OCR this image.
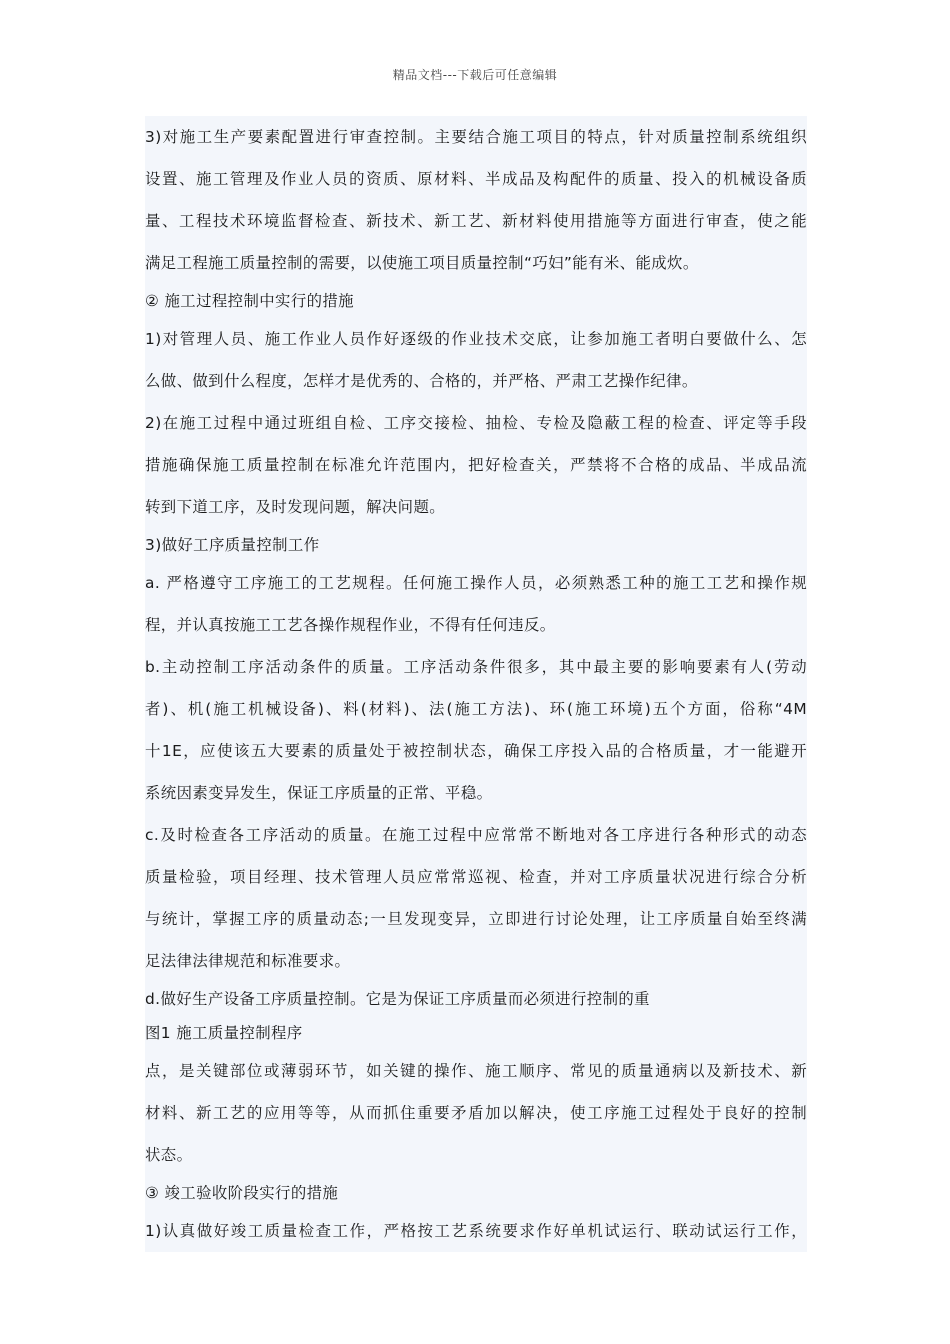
精品文档---下载后可任意编辑
3)对施工生产要素配置进行审查控制。主要结合施工项目的特点，针对质量控制系统组织
设置、施工管理及作业人员的资质、原材料、半成品及构配件的质量、投入的机械设备质
量、工程技术环境监督检查、新技术、新工艺、新材料使用措施等方面进行审查，使之能
满足工程施工质量控制的需要，以使施工项目质量控制“巧妇”能有米、能成炊。
② 施工过程控制中实行的措施
1)对管理人员、施工作业人员作好逐级的作业技术交底，让参加施工者明白要做什么、怎
么做、做到什么程度，怎样才是优秀的、合格的，并严格、严肃工艺操作纪律。
2)在施工过程中通过班组自检、工序交接检、抽检、专检及隐蔽工程的检查、评定等手段
措施确保施工质量控制在标准允许范围内，把好检查关，严禁将不合格的成品、半成品流
转到下道工序，及时发现问题，解决问题。
3)做好工序质量控制工作
a. 严格遵守工序施工的工艺规程。任何施工操作人员，必须熟悉工种的施工工艺和操作规
程，并认真按施工工艺各操作规程作业，不得有任何违反。
b.主动控制工序活动条件的质量。工序活动条件很多，其中最主要的影响要素有人(劳动
者)、机(施工机械设备)、料(材料)、法(施工方法)、环(施工环境)五个方面，俗称“4M
十1E，应使该五大要素的质量处于被控制状态，确保工序投入品的合格质量，才一能避开
系统因素变异发生，保证工序质量的正常、平稳。
c.及时检查各工序活动的质量。在施工过程中应常常不断地对各工序进行各种形式的动态
质量检验，项目经理、技术管理人员应常常巡视、检查，并对工序质量状况进行综合分析
与统计，掌握工序的质量动态;一旦发现变异，立即进行讨论处理，让工序质量自始至终满
足法律法律规范和标准要求。
d.做好生产设备工序质量控制。它是为保证工序质量而必须进行控制的重
图1 施工质量控制程序
点，是关键部位或薄弱环节，如关键的操作、施工顺序、常见的质量通病以及新技术、新
材料、新工艺的应用等等，从而抓住重要矛盾加以解决，使工序施工过程处于良好的控制
状态。
③ 竣工验收阶段实行的措施
1)认真做好竣工质量检查工作，严格按工艺系统要求作好单机试运行、联动试运行工作，
